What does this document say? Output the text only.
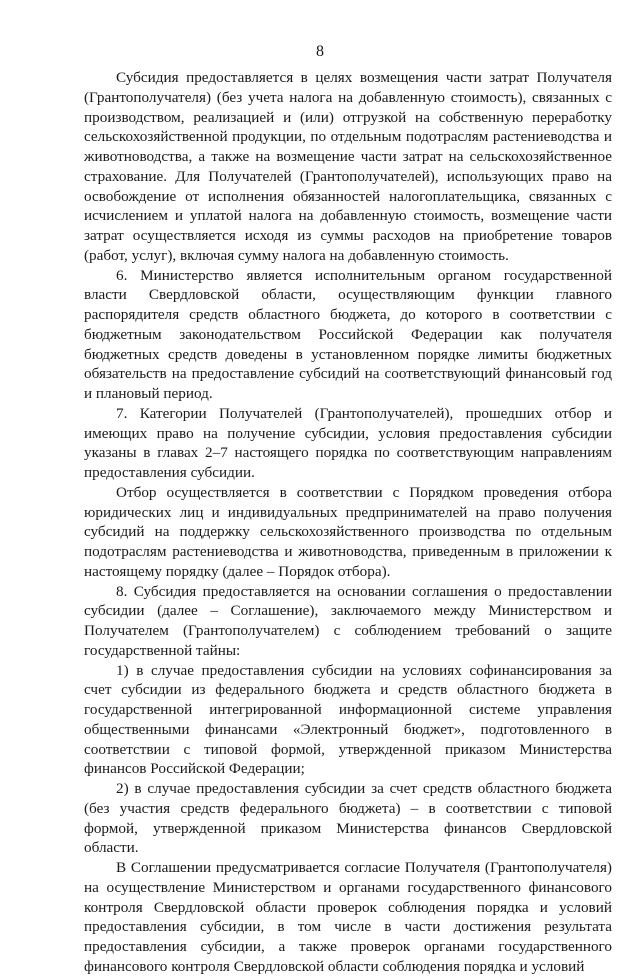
8

Субсидия предоставляется в целях возмещения части затрат Получателя (Грантополучателя) (без учета налога на добавленную стоимость), связанных с производством, реализацией и (или) отгрузкой на собственную переработку сельскохозяйственной продукции, по отдельным подотраслям растениеводства и животноводства, а также на возмещение части затрат на сельскохозяйственное страхование. Для Получателей (Грантополучателей), использующих право на освобождение от исполнения обязанностей налогоплательщика, связанных с исчислением и уплатой налога на добавленную стоимость, возмещение части затрат осуществляется исходя из суммы расходов на приобретение товаров (работ, услуг), включая сумму налога на добавленную стоимость.

6. Министерство является исполнительным органом государственной власти Свердловской области, осуществляющим функции главного распорядителя средств областного бюджета, до которого в соответствии с бюджетным законодательством Российской Федерации как получателя бюджетных средств доведены в установленном порядке лимиты бюджетных обязательств на предоставление субсидий на соответствующий финансовый год и плановый период.

7. Категории Получателей (Грантополучателей), прошедших отбор и имеющих право на получение субсидии, условия предоставления субсидии указаны в главах 2–7 настоящего порядка по соответствующим направлениям предоставления субсидии.

Отбор осуществляется в соответствии с Порядком проведения отбора юридических лиц и индивидуальных предпринимателей на право получения субсидий на поддержку сельскохозяйственного производства по отдельным подотраслям растениеводства и животноводства, приведенным в приложении к настоящему порядку (далее – Порядок отбора).

8. Субсидия предоставляется на основании соглашения о предоставлении субсидии (далее – Соглашение), заключаемого между Министерством и Получателем (Грантополучателем) с соблюдением требований о защите государственной тайны:

1) в случае предоставления субсидии на условиях софинансирования за счет субсидии из федерального бюджета и средств областного бюджета в государственной интегрированной информационной системе управления общественными финансами «Электронный бюджет», подготовленного в соответствии с типовой формой, утвержденной приказом Министерства финансов Российской Федерации;

2) в случае предоставления субсидии за счет средств областного бюджета (без участия средств федерального бюджета) – в соответствии с типовой формой, утвержденной приказом Министерства финансов Свердловской области.

В Соглашении предусматривается согласие Получателя (Грантополучателя) на осуществление Министерством и органами государственного финансового контроля Свердловской области проверок соблюдения порядка и условий предоставления субсидии, в том числе в части достижения результата предоставления субсидии, а также проверок органами государственного финансового контроля Свердловской области соблюдения порядка и условий
